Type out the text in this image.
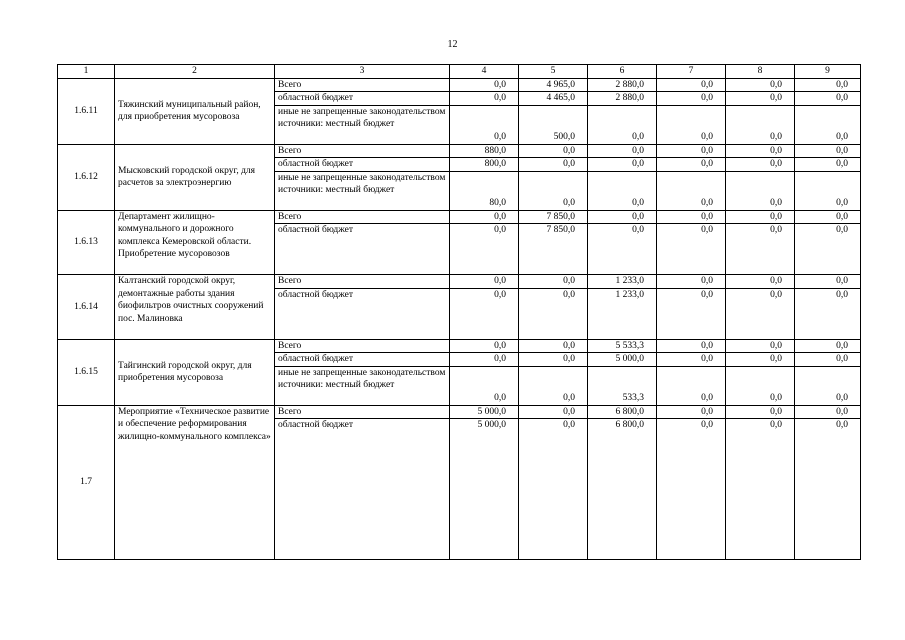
12
1	2	3	4	5	6	7	8	9
1.6.11	Тяжинский муниципальный район, для приобретения мусоровоза	Всего	0,0	4 965,0	2 880,0	0,0	0,0	0,0
		областной бюджет	0,0	4 465,0	2 880,0	0,0	0,0	0,0
		иные не запрещенные законодательством источники: местный бюджет	0,0	500,0	0,0	0,0	0,0	0,0
1.6.12	Мысковский городской округ, для расчетов за электроэнергию	Всего	880,0	0,0	0,0	0,0	0,0	0,0
		областной бюджет	800,0	0,0	0,0	0,0	0,0	0,0
		иные не запрещенные законодательством источники: местный бюджет	80,0	0,0	0,0	0,0	0,0	0,0
1.6.13	Департамент жилищно-коммунального и дорожного комплекса Кемеровской области. Приобретение мусоровозов	Всего	0,0	7 850,0	0,0	0,0	0,0	0,0
		областной бюджет	0,0	7 850,0	0,0	0,0	0,0	0,0
1.6.14	Калтанский городской округ, демонтажные работы здания биофильтров очистных сооружений пос. Малиновка	Всего	0,0	0,0	1 233,0	0,0	0,0	0,0
		областной бюджет	0,0	0,0	1 233,0	0,0	0,0	0,0
1.6.15	Тайгинский городской округ, для приобретения мусоровоза	Всего	0,0	0,0	5 533,3	0,0	0,0	0,0
		областной бюджет	0,0	0,0	5 000,0	0,0	0,0	0,0
		иные не запрещенные законодательством источники: местный бюджет	0,0	0,0	533,3	0,0	0,0	0,0
1.7	Мероприятие «Техническое развитие и обеспечение реформирования жилищно-коммунального комплекса»	Всего	5 000,0	0,0	6 800,0	0,0	0,0	0,0
		областной бюджет	5 000,0	0,0	6 800,0	0,0	0,0	0,0
